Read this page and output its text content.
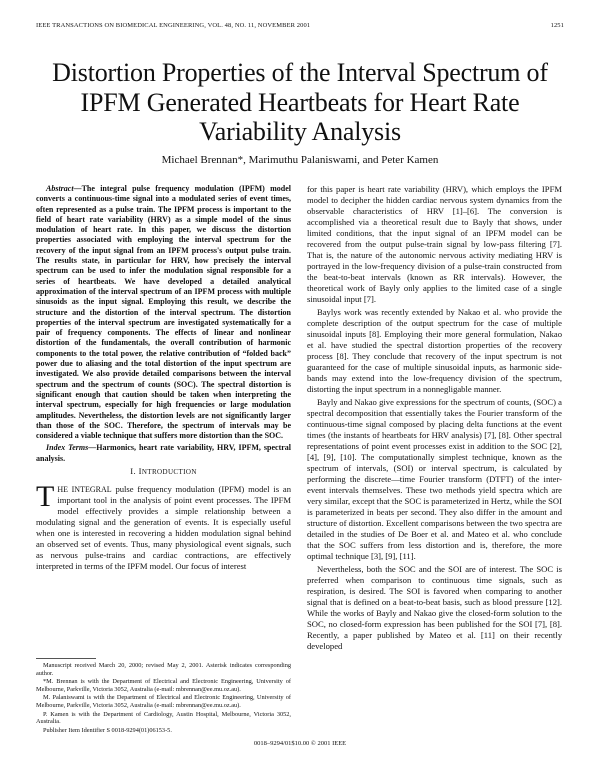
IEEE TRANSACTIONS ON BIOMEDICAL ENGINEERING, VOL. 48, NO. 11, NOVEMBER 2001	1251
Distortion Properties of the Interval Spectrum of IPFM Generated Heartbeats for Heart Rate Variability Analysis
Michael Brennan*, Marimuthu Palaniswami, and Peter Kamen

Abstract—The integral pulse frequency modulation (IPFM) model converts a continuous-time signal into a modulated series of event times, often represented as a pulse train. The IPFM process is important to the field of heart rate variability (HRV) as a simple model of the sinus modulation of heart rate. In this paper, we discuss the distortion properties associated with employing the interval spectrum for the recovery of the input signal from an IPFM process's output pulse train. The results state, in particular for HRV, how precisely the interval spectrum can be used to infer the modulation signal responsible for a series of heartbeats. We have developed a detailed analytical approximation of the interval spectrum of an IPFM process with multiple sinusoids as the input signal. Employing this result, we describe the structure and the distortion of the interval spectrum. The distortion properties of the interval spectrum are investigated systematically for a pair of frequency components. The effects of linear and nonlinear distortion of the fundamentals, the overall contribution of harmonic components to the total power, the relative contribution of “folded back” power due to aliasing and the total distortion of the input spectrum are investigated. We also provide detailed comparisons between the interval spectrum and the spectrum of counts (SOC). The spectral distortion is significant enough that caution should be taken when interpreting the interval spectrum, especially for high frequencies or large modulation amplitudes. Nevertheless, the distortion levels are not significantly larger than those of the SOC. Therefore, the spectrum of intervals may be considered a viable technique that suffers more distortion than the SOC.

Index Terms—Harmonics, heart rate variability, HRV, IPFM, spectral analysis.

I. INTRODUCTION

THE INTEGRAL pulse frequency modulation (IPFM) model is an important tool in the analysis of point event processes. The IPFM model effectively provides a simple relationship between a modulating signal and the generation of events. It is especially useful when one is interested in recovering a hidden modulation signal behind an observed set of events. Thus, many physiological event signals, such as nervous pulse-trains and cardiac contractions, are effectively interpreted in terms of the IPFM model. Our focus of interest

Manuscript received March 20, 2000; revised May 2, 2001. Asterisk indicates corresponding author.

*M. Brennan is with the Department of Electrical and Electronic Engineering, University of Melbourne, Parkville, Victoria 3052, Australia (e-mail: mbrennan@ee.mu.oz.au).

M. Palaniswami is with the Department of Electrical and Electronic Engineering, University of Melbourne, Parkville, Victoria 3052, Australia (e-mail: mbrennan@ee.mu.oz.au).

P. Kamen is with the Department of Cardiology, Austin Hospital, Melbourne, Victoria 3052, Australia.

Publisher Item Identifier S 0018-9294(01)06153-5.

for this paper is heart rate variability (HRV), which employs the IPFM model to decipher the hidden cardiac nervous system dynamics from the observable characteristics of HRV [1]–[6]. The conversion is accomplished via a theoretical result due to Bayly that shows, under limited conditions, that the input signal of an IPFM model can be recovered from the output pulse-train signal by low-pass filtering [7]. That is, the nature of the autonomic nervous activity mediating HRV is portrayed in the low-frequency division of a pulse-train constructed from the beat-to-beat intervals (known as RR intervals). However, the theoretical work of Bayly only applies to the limited case of a single sinusoidal input [7].

Baylys work was recently extended by Nakao et al. who provide the complete description of the output spectrum for the case of multiple sinusoidal inputs [8]. Employing their more general formulation, Nakao et al. have studied the spectral distortion properties of the recovery process [8]. They conclude that recovery of the input spectrum is not guaranteed for the case of multiple sinusoidal inputs, as harmonic side-bands may extend into the low-frequency division of the spectrum, distorting the input spectrum in a nonnegligable manner.

Bayly and Nakao give expressions for the spectrum of counts, (SOC) a spectral decomposition that essentially takes the Fourier transform of the continuous-time signal composed by placing delta functions at the event times (the instants of heartbeats for HRV analysis) [7], [8]. Other spectral representations of point event processes exist in addition to the SOC [2], [4], [9], [10]. The computationally simplest technique, known as the spectrum of intervals, (SOI) or interval spectrum, is calculated by performing the discrete—time Fourier transform (DTFT) of the inter-event intervals themselves. These two methods yield spectra which are very similar, except that the SOC is parameterized in Hertz, while the SOI is parameterized in beats per second. They also differ in the amount and structure of distortion. Excellent comparisons between the two spectra are detailed in the studies of De Boer et al. and Mateo et al. who conclude that the SOC suffers from less distortion and is, therefore, the more optimal technique [3], [9], [11].

Nevertheless, both the SOC and the SOI are of interest. The SOC is preferred when comparison to continuous time signals, such as respiration, is desired. The SOI is favored when comparing to another signal that is defined on a beat-to-beat basis, such as blood pressure [12]. While the works of Bayly and Nakao give the closed-form solution to the SOC, no closed-form expression has been published for the SOI [7], [8]. Recently, a paper published by Mateo et al. [11] on their recently developed

0018–9294/01$10.00 © 2001 IEEE
